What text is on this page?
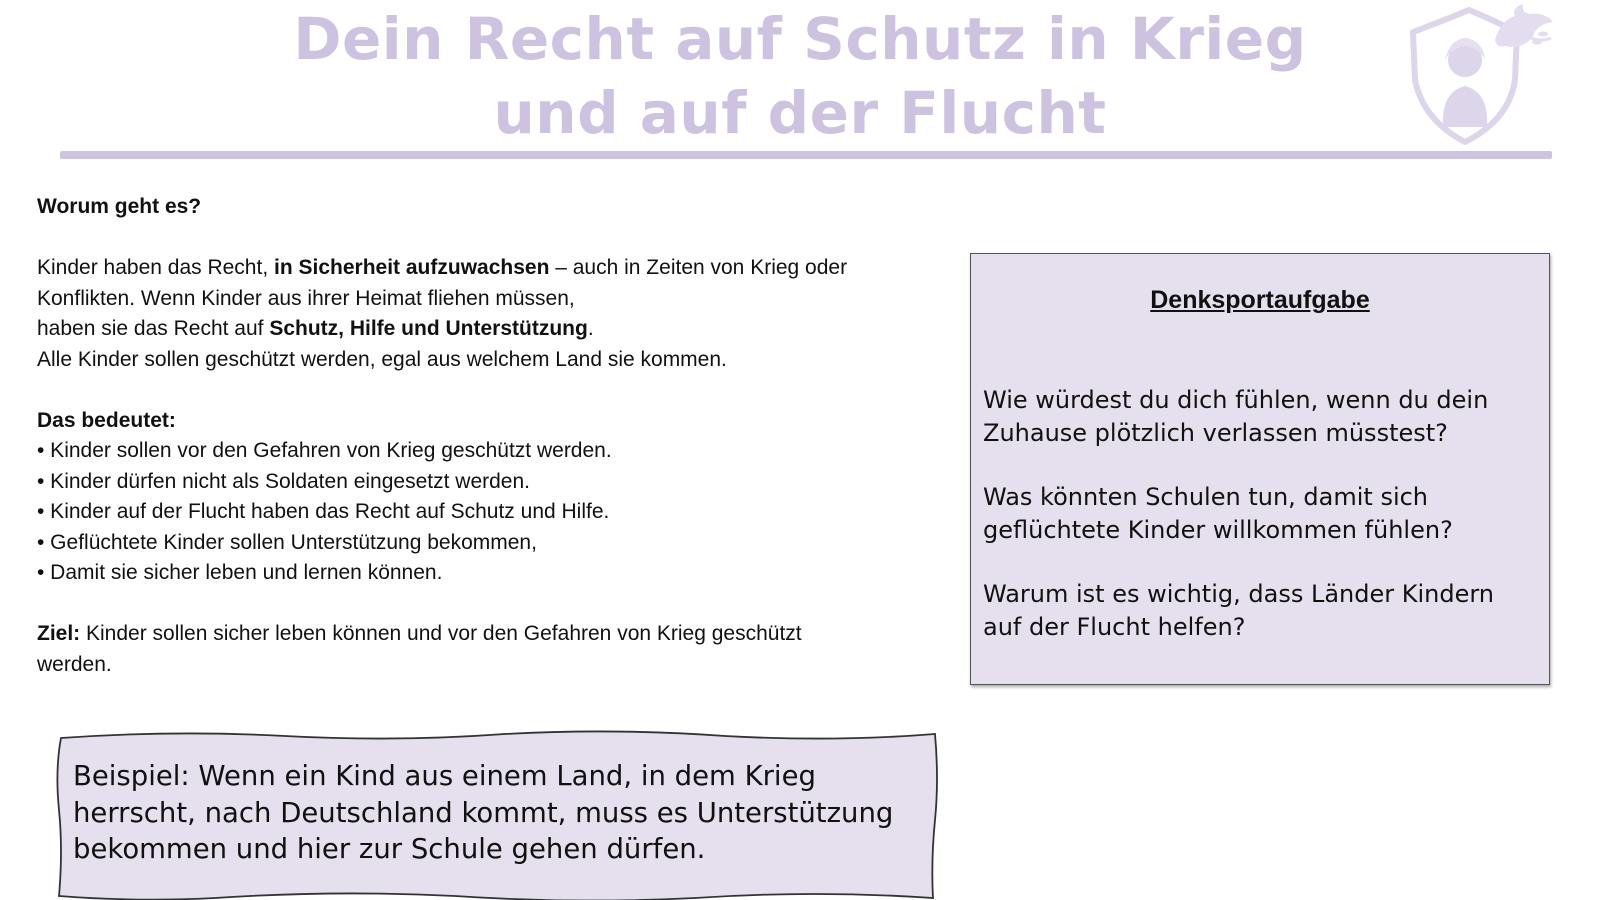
Dein Recht auf Schutz in Krieg
und auf der Flucht

Worum geht es?

Kinder haben das Recht, in Sicherheit aufzuwachsen – auch in Zeiten von Krieg oder

Konflikten. Wenn Kinder aus ihrer Heimat fliehen müssen,

haben sie das Recht auf Schutz, Hilfe und Unterstützung.

Alle Kinder sollen geschützt werden, egal aus welchem Land sie kommen.

Das bedeutet:

• Kinder sollen vor den Gefahren von Krieg geschützt werden.
• Kinder dürfen nicht als Soldaten eingesetzt werden.
• Kinder auf der Flucht haben das Recht auf Schutz und Hilfe.
• Geflüchtete Kinder sollen Unterstützung bekommen,
• Damit sie sicher leben und lernen können.

Ziel: Kinder sollen sicher leben können und vor den Gefahren von Krieg geschützt

werden.

Denksportaufgabe

Wie würdest du dich fühlen, wenn du dein Zuhause plötzlich verlassen müsstest?

Was könnten Schulen tun, damit sich geflüchtete Kinder willkommen fühlen?

Warum ist es wichtig, dass Länder Kindern auf der Flucht helfen?

Beispiel: Wenn ein Kind aus einem Land, in dem Krieg herrscht, nach Deutschland kommt, muss es Unterstützung bekommen und hier zur Schule gehen dürfen.
